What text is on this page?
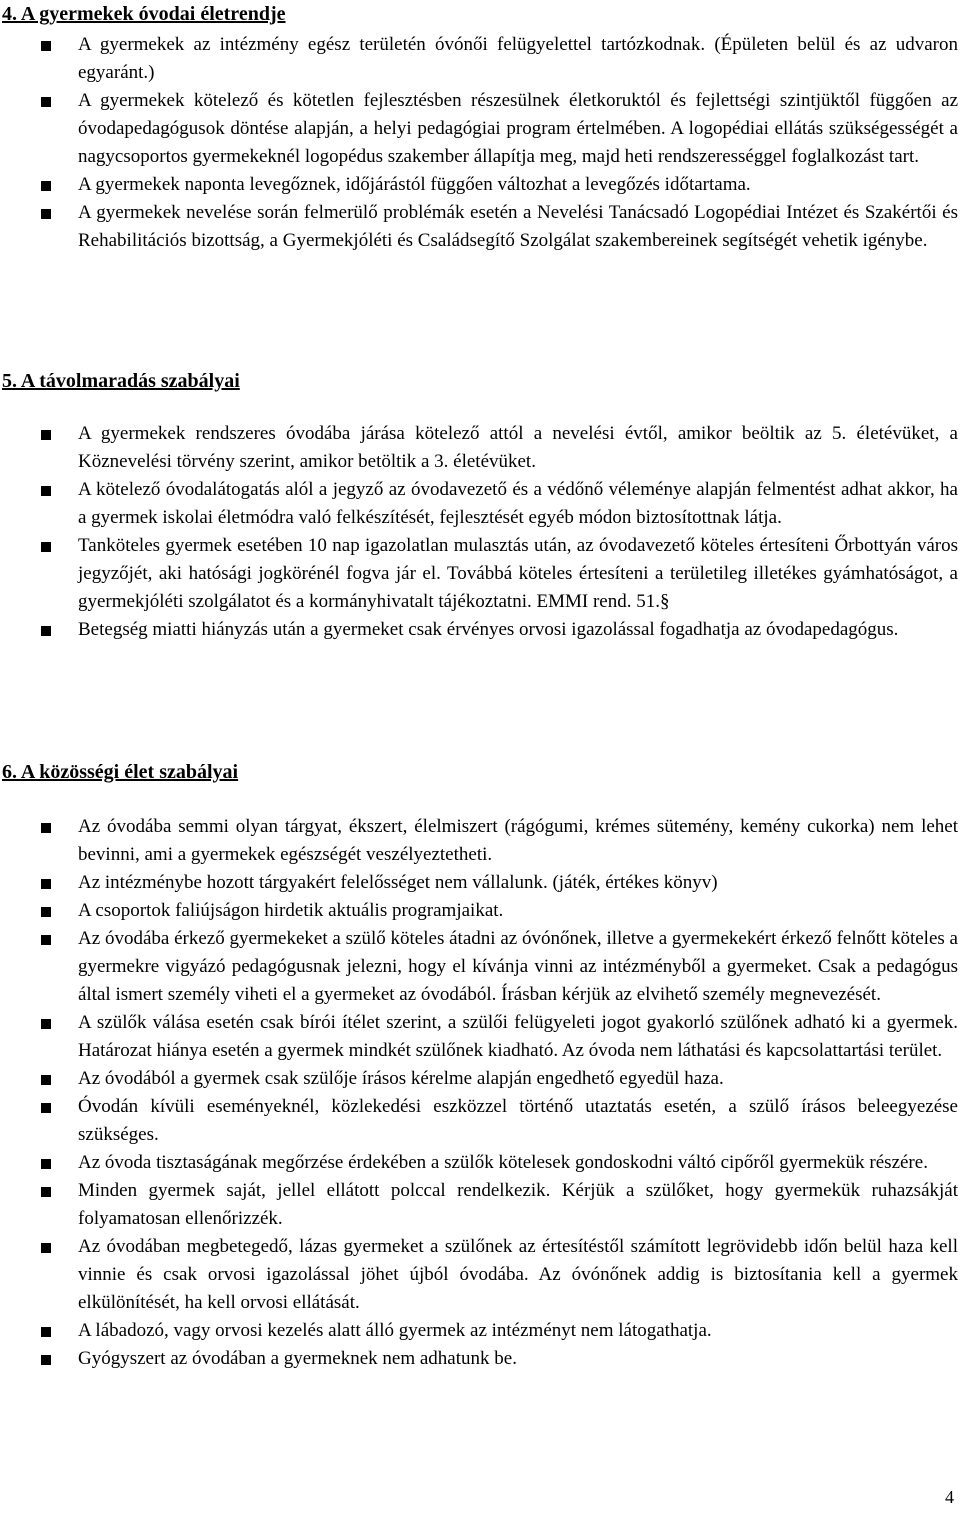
4. A gyermekek óvodai életrendje
A gyermekek az intézmény egész területén óvónői felügyelettel tartózkodnak. (Épületen belül és az udvaron egyaránt.)
A gyermekek kötelező és kötetlen fejlesztésben részesülnek életkoruktól és fejlettségi szintjüktől függően az óvodapedagógusok döntése alapján, a helyi pedagógiai program értelmében. A logopédiai ellátás szükségességét a nagycsoportos gyermekeknél logopédus szakember állapítja meg, majd heti rendszerességgel foglalkozást tart.
A gyermekek naponta levegőznek, időjárástól függően változhat a levegőzés időtartama.
A gyermekek nevelése során felmerülő problémák esetén a Nevelési Tanácsadó Logopédiai Intézet és Szakértői és Rehabilitációs bizottság, a Gyermekjóléti és Családsegítő Szolgálat szakembereinek segítségét vehetik igénybe.
5. A távolmaradás szabályai
A gyermekek rendszeres óvodába járása kötelező attól a nevelési évtől, amikor beöltik az 5. életévüket, a Köznevelési törvény szerint, amikor betöltik a 3. életévüket.
A kötelező óvodalátogatás alól a jegyző az óvodavezető és a védőnő véleménye alapján felmentést adhat akkor, ha a gyermek iskolai életmódra való felkészítését, fejlesztését egyéb módon biztosítottnak látja.
Tanköteles gyermek esetében 10 nap igazolatlan mulasztás után, az óvodavezető köteles értesíteni Őrbottyán város jegyzőjét, aki hatósági jogkörénél fogva jár el. Továbbá köteles értesíteni a területileg illetékes gyámhatóságot, a gyermekjóléti szolgálatot és a kormányhivatalt tájékoztatni. EMMI rend. 51.§
Betegség miatti hiányzás után a gyermeket csak érvényes orvosi igazolással fogadhatja az óvodapedagógus.
6. A közösségi élet szabályai
Az óvodába semmi olyan tárgyat, ékszert, élelmiszert (rágógumi, krémes sütemény, kemény cukorka) nem lehet bevinni, ami a gyermekek egészségét veszélyeztetheti.
Az intézménybe hozott tárgyakért felelősséget nem vállalunk. (játék, értékes könyv)
A csoportok faliújságon hirdetik aktuális programjaikat.
Az óvodába érkező gyermekeket a szülő köteles átadni az óvónőnek, illetve a gyermekekért érkező felnőtt köteles a gyermekre vigyázó pedagógusnak jelezni, hogy el kívánja vinni az intézményből a gyermeket. Csak a pedagógus által ismert személy viheti el a gyermeket az óvodából. Írásban kérjük az elvihető személy megnevezését.
A szülők válása esetén csak bírói ítélet szerint, a szülői felügyeleti jogot gyakorló szülőnek adható ki a gyermek. Határozat hiánya esetén a gyermek mindkét szülőnek kiadható. Az óvoda nem láthatási és kapcsolattartási terület.
Az óvodából a gyermek csak szülője írásos kérelme alapján engedhető egyedül haza.
Óvodán kívüli eseményeknél, közlekedési eszközzel történő utaztatás esetén, a szülő írásos beleegyezése szükséges.
Az óvoda tisztaságának megőrzése érdekében a szülők kötelesek gondoskodni váltó cipőről gyermekük részére.
Minden gyermek saját, jellel ellátott polccal rendelkezik. Kérjük a szülőket, hogy gyermekük ruhazsákját folyamatosan ellenőrizzék.
Az óvodában megbetegedő, lázas gyermeket a szülőnek az értesítéstől számított legrövidebb időn belül haza kell vinnie és csak orvosi igazolással jöhet újból óvodába. Az óvónőnek addig is biztosítania kell a gyermek elkülönítését, ha kell orvosi ellátását.
A lábadozó, vagy orvosi kezelés alatt álló gyermek az intézményt nem látogathatja.
Gyógyszert az óvodában a gyermeknek nem adhatunk be.
4
